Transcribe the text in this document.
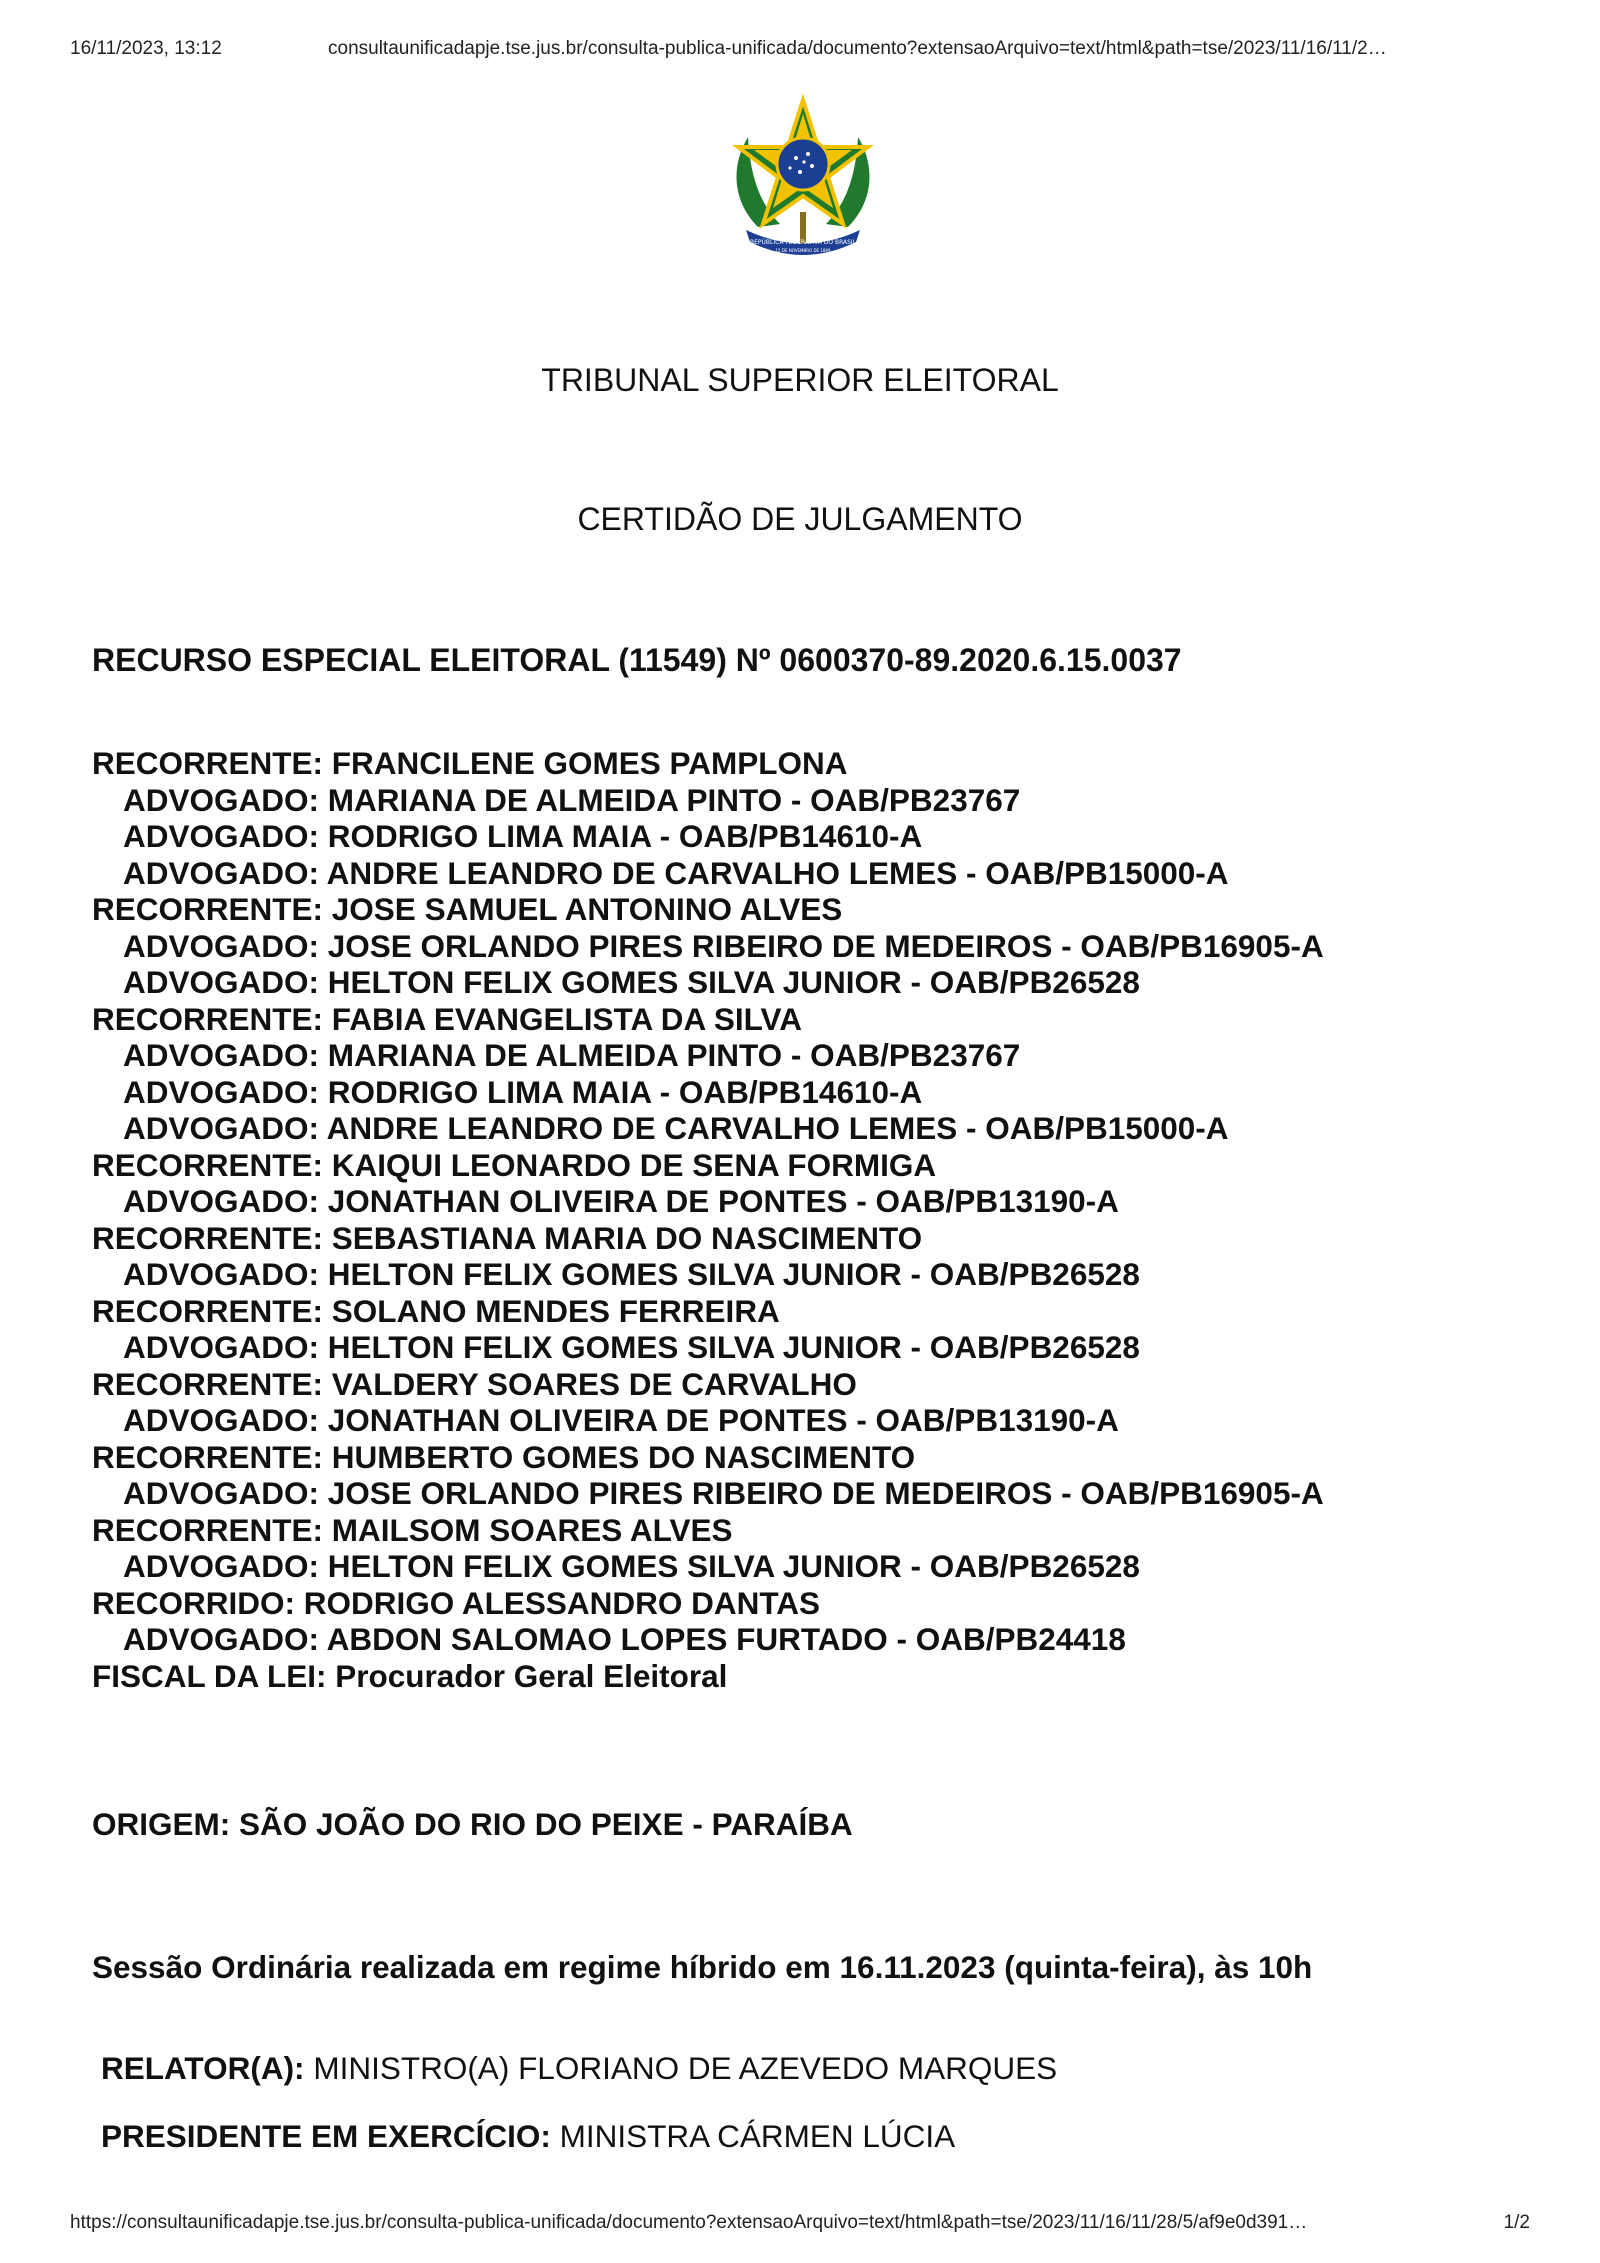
16/11/2023, 13:12	consultaunificadapje.tse.jus.br/consulta-publica-unificada/documento?extensaoArquivo=text/html&path=tse/2023/11/16/11/2…
REPÚBLICA FEDERATIVA DO BRASIL
15 DE NOVEMBRO DE 1889
TRIBUNAL SUPERIOR ELEITORAL
CERTIDÃO DE JULGAMENTO
RECURSO ESPECIAL ELEITORAL (11549) Nº 0600370-89.2020.6.15.0037
RECORRENTE: FRANCILENE GOMES PAMPLONA
ADVOGADO: MARIANA DE ALMEIDA PINTO - OAB/PB23767
ADVOGADO: RODRIGO LIMA MAIA - OAB/PB14610-A
ADVOGADO: ANDRE LEANDRO DE CARVALHO LEMES - OAB/PB15000-A
RECORRENTE: JOSE SAMUEL ANTONINO ALVES
ADVOGADO: JOSE ORLANDO PIRES RIBEIRO DE MEDEIROS - OAB/PB16905-A
ADVOGADO: HELTON FELIX GOMES SILVA JUNIOR - OAB/PB26528
RECORRENTE: FABIA EVANGELISTA DA SILVA
ADVOGADO: MARIANA DE ALMEIDA PINTO - OAB/PB23767
ADVOGADO: RODRIGO LIMA MAIA - OAB/PB14610-A
ADVOGADO: ANDRE LEANDRO DE CARVALHO LEMES - OAB/PB15000-A
RECORRENTE: KAIQUI LEONARDO DE SENA FORMIGA
ADVOGADO: JONATHAN OLIVEIRA DE PONTES - OAB/PB13190-A
RECORRENTE: SEBASTIANA MARIA DO NASCIMENTO
ADVOGADO: HELTON FELIX GOMES SILVA JUNIOR - OAB/PB26528
RECORRENTE: SOLANO MENDES FERREIRA
ADVOGADO: HELTON FELIX GOMES SILVA JUNIOR - OAB/PB26528
RECORRENTE: VALDERY SOARES DE CARVALHO
ADVOGADO: JONATHAN OLIVEIRA DE PONTES - OAB/PB13190-A
RECORRENTE: HUMBERTO GOMES DO NASCIMENTO
ADVOGADO: JOSE ORLANDO PIRES RIBEIRO DE MEDEIROS - OAB/PB16905-A
RECORRENTE: MAILSOM SOARES ALVES
ADVOGADO: HELTON FELIX GOMES SILVA JUNIOR - OAB/PB26528
RECORRIDO: RODRIGO ALESSANDRO DANTAS
ADVOGADO: ABDON SALOMAO LOPES FURTADO - OAB/PB24418
FISCAL DA LEI: Procurador Geral Eleitoral
ORIGEM: SÃO JOÃO DO RIO DO PEIXE - PARAÍBA
Sessão Ordinária realizada em regime híbrido em 16.11.2023 (quinta-feira), às 10h
RELATOR(A): MINISTRO(A) FLORIANO DE AZEVEDO MARQUES
PRESIDENTE EM EXERCÍCIO: MINISTRA CÁRMEN LÚCIA
https://consultaunificadapje.tse.jus.br/consulta-publica-unificada/documento?extensaoArquivo=text/html&path=tse/2023/11/16/11/28/5/af9e0d391…	1/2
